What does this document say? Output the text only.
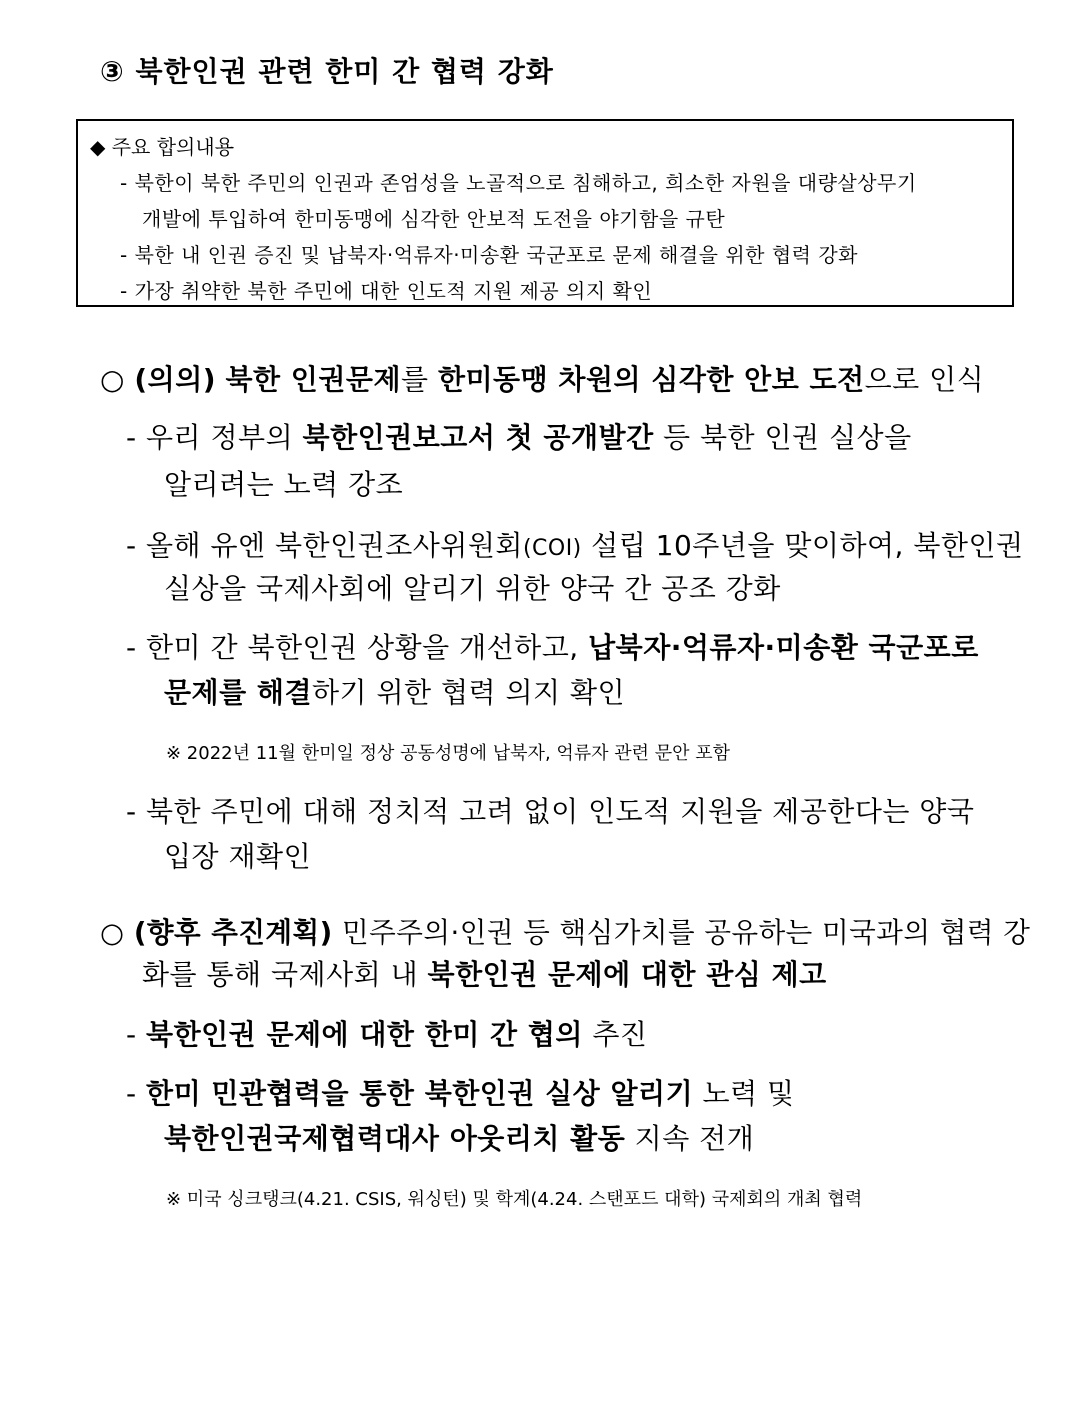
③ 북한인권 관련 한미 간 협력 강화
◆ 주요 합의내용
- 북한이 북한 주민의 인권과 존엄성을 노골적으로 침해하고, 희소한 자원을 대량살상무기
개발에 투입하여 한미동맹에 심각한 안보적 도전을 야기함을 규탄
- 북한 내 인권 증진 및 납북자·억류자·미송환 국군포로 문제 해결을 위한 협력 강화
- 가장 취약한 북한 주민에 대한 인도적 지원 제공 의지 확인
○ (의의) 북한 인권문제를 한미동맹 차원의 심각한 안보 도전으로 인식
- 우리 정부의 북한인권보고서 첫 공개발간 등 북한 인권 실상을
알리려는 노력 강조
- 올해 유엔 북한인권조사위원회(COI) 설립 10주년을 맞이하여, 북한인권
실상을 국제사회에 알리기 위한 양국 간 공조 강화
- 한미 간 북한인권 상황을 개선하고, 납북자·억류자·미송환 국군포로
문제를 해결하기 위한 협력 의지 확인
※ 2022년 11월 한미일 정상 공동성명에 납북자, 억류자 관련 문안 포함
- 북한 주민에 대해 정치적 고려 없이 인도적 지원을 제공한다는 양국
입장 재확인
○ (향후 추진계획) 민주주의·인권 등 핵심가치를 공유하는 미국과의 협력 강
화를 통해 국제사회 내 북한인권 문제에 대한 관심 제고
- 북한인권 문제에 대한 한미 간 협의 추진
- 한미 민관협력을 통한 북한인권 실상 알리기 노력 및
북한인권국제협력대사 아웃리치 활동 지속 전개
※ 미국 싱크탱크(4.21. CSIS, 워싱턴) 및 학계(4.24. 스탠포드 대학) 국제회의 개최 협력
